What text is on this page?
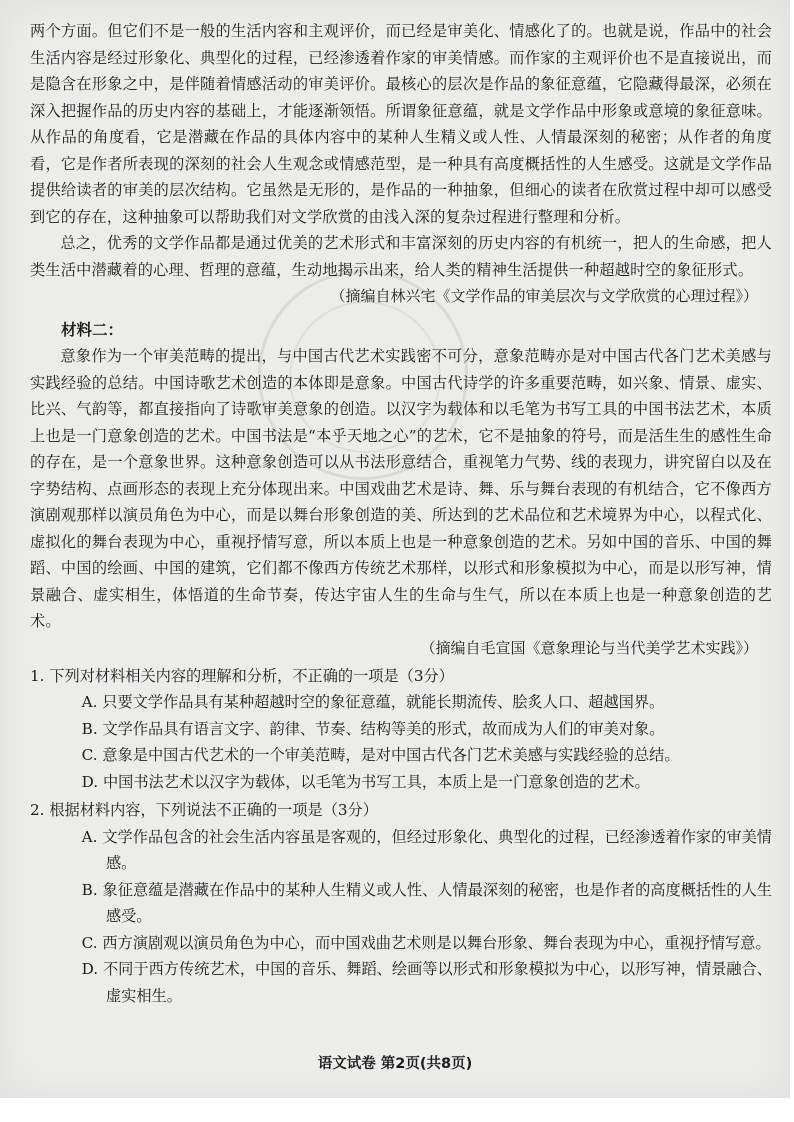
两个方面。但它们不是一般的生活内容和主观评价，而已经是审美化、情感化了的。也就是说，作品中的社会生活内容是经过形象化、典型化的过程，已经渗透着作家的审美情感。而作家的主观评价也不是直接说出，而是隐含在形象之中，是伴随着情感活动的审美评价。最核心的层次是作品的象征意蕴，它隐藏得最深，必须在深入把握作品的历史内容的基础上，才能逐渐领悟。所谓象征意蕴，就是文学作品中形象或意境的象征意味。从作品的角度看，它是潜藏在作品的具体内容中的某种人生精义或人性、人情最深刻的秘密；从作者的角度看，它是作者所表现的深刻的社会人生观念或情感范型，是一种具有高度概括性的人生感受。这就是文学作品提供给读者的审美的层次结构。它虽然是无形的，是作品的一种抽象，但细心的读者在欣赏过程中却可以感受到它的存在，这种抽象可以帮助我们对文学欣赏的由浅入深的复杂过程进行整理和分析。

总之，优秀的文学作品都是通过优美的艺术形式和丰富深刻的历史内容的有机统一，把人的生命感，把人类生活中潜藏着的心理、哲理的意蕴，生动地揭示出来，给人类的精神生活提供一种超越时空的象征形式。

（摘编自林兴宅《文学作品的审美层次与文学欣赏的心理过程》）

材料二：

意象作为一个审美范畴的提出，与中国古代艺术实践密不可分，意象范畴亦是对中国古代各门艺术美感与实践经验的总结。中国诗歌艺术创造的本体即是意象。中国古代诗学的许多重要范畴，如兴象、情景、虚实、比兴、气韵等，都直接指向了诗歌审美意象的创造。以汉字为载体和以毛笔为书写工具的中国书法艺术，本质上也是一门意象创造的艺术。中国书法是“本乎天地之心”的艺术，它不是抽象的符号，而是活生生的感性生命的存在，是一个意象世界。这种意象创造可以从书法形意结合，重视笔力气势、线的表现力，讲究留白以及在字势结构、点画形态的表现上充分体现出来。中国戏曲艺术是诗、舞、乐与舞台表现的有机结合，它不像西方演剧观那样以演员角色为中心，而是以舞台形象创造的美、所达到的艺术品位和艺术境界为中心，以程式化、虚拟化的舞台表现为中心，重视抒情写意，所以本质上也是一种意象创造的艺术。另如中国的音乐、中国的舞蹈、中国的绘画、中国的建筑，它们都不像西方传统艺术那样，以形式和形象模拟为中心，而是以形写神，情景融合、虚实相生，体悟道的生命节奏，传达宇宙人生的生命与生气，所以在本质上也是一种意象创造的艺术。

（摘编自毛宣国《意象理论与当代美学艺术实践》）

1. 下列对材料相关内容的理解和分析，不正确的一项是（3分）

A. 只要文学作品具有某种超越时空的象征意蕴，就能长期流传、脍炙人口、超越国界。

B. 文学作品具有语言文字、韵律、节奏、结构等美的形式，故而成为人们的审美对象。

C. 意象是中国古代艺术的一个审美范畴，是对中国古代各门艺术美感与实践经验的总结。

D. 中国书法艺术以汉字为载体，以毛笔为书写工具，本质上是一门意象创造的艺术。

2. 根据材料内容，下列说法不正确的一项是（3分）

A. 文学作品包含的社会生活内容虽是客观的，但经过形象化、典型化的过程，已经渗透着作家的审美情感。

B. 象征意蕴是潜藏在作品中的某种人生精义或人性、人情最深刻的秘密，也是作者的高度概括性的人生感受。

C. 西方演剧观以演员角色为中心，而中国戏曲艺术则是以舞台形象、舞台表现为中心，重视抒情写意。

D. 不同于西方传统艺术，中国的音乐、舞蹈、绘画等以形式和形象模拟为中心，以形写神，情景融合、虚实相生。

语文试卷 第2页(共8页)
